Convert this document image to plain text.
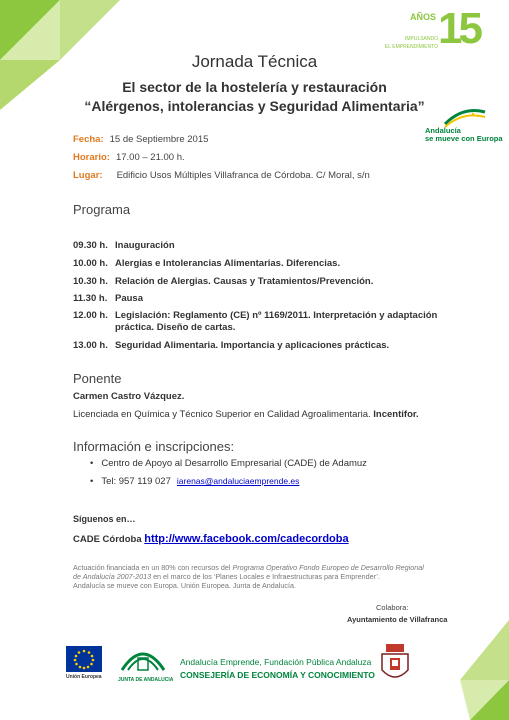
AÑOS
IMPULSANDO
EL EMPRENDIMIENTO 15
Jornada Técnica
El sector de la hostelería y restauración
“Alérgenos, intolerancias y Seguridad Alimentaria”
Andalucía
se mueve con Europa
Fecha: 15 de Septiembre 2015
Horario: 17.00 – 21.00 h.
Lugar: Edificio Usos Múltiples Villafranca de Córdoba. C/ Moral, s/n
Programa
09.30 h. Inauguración
10.00 h. Alergias e Intolerancias Alimentarias. Diferencias.
10.30 h. Relación de Alergias. Causas y Tratamientos/Prevención.
11.30 h. Pausa
12.00 h. Legislación: Reglamento (CE) nº 1169/2011. Interpretación y adaptación
práctica. Diseño de cartas.
13.00 h. Seguridad Alimentaria. Importancia y aplicaciones prácticas.
Ponente
Carmen Castro Vázquez.
Licenciada en Química y Técnico Superior en Calidad Agroalimentaria. Incentifor.
Información e inscripciones:
• Centro de Apoyo al Desarrollo Empresarial (CADE) de Adamuz
• Tel: 957 119 027 iarenas@andaluciaemprende.es
Síguenos en…
CADE Córdoba http://www.facebook.com/cadecordoba
Actuación financiada en un 80% con recursos del Programa Operativo Fondo Europeo de Desarrollo Regional de Andalucía 2007-2013 en el marco de los ‘Planes Locales e Infraestructuras para Emprender’.
Andalucía se mueve con Europa. Unión Europea. Junta de Andalucía.
Colabora:
Ayuntamiento de Villafranca
Unión Europea	JUNTA DE ANDALUCIA
Andalucía Emprende, Fundación Pública Andaluza
CONSEJERÍA DE ECONOMÍA Y CONOCIMIENTO
